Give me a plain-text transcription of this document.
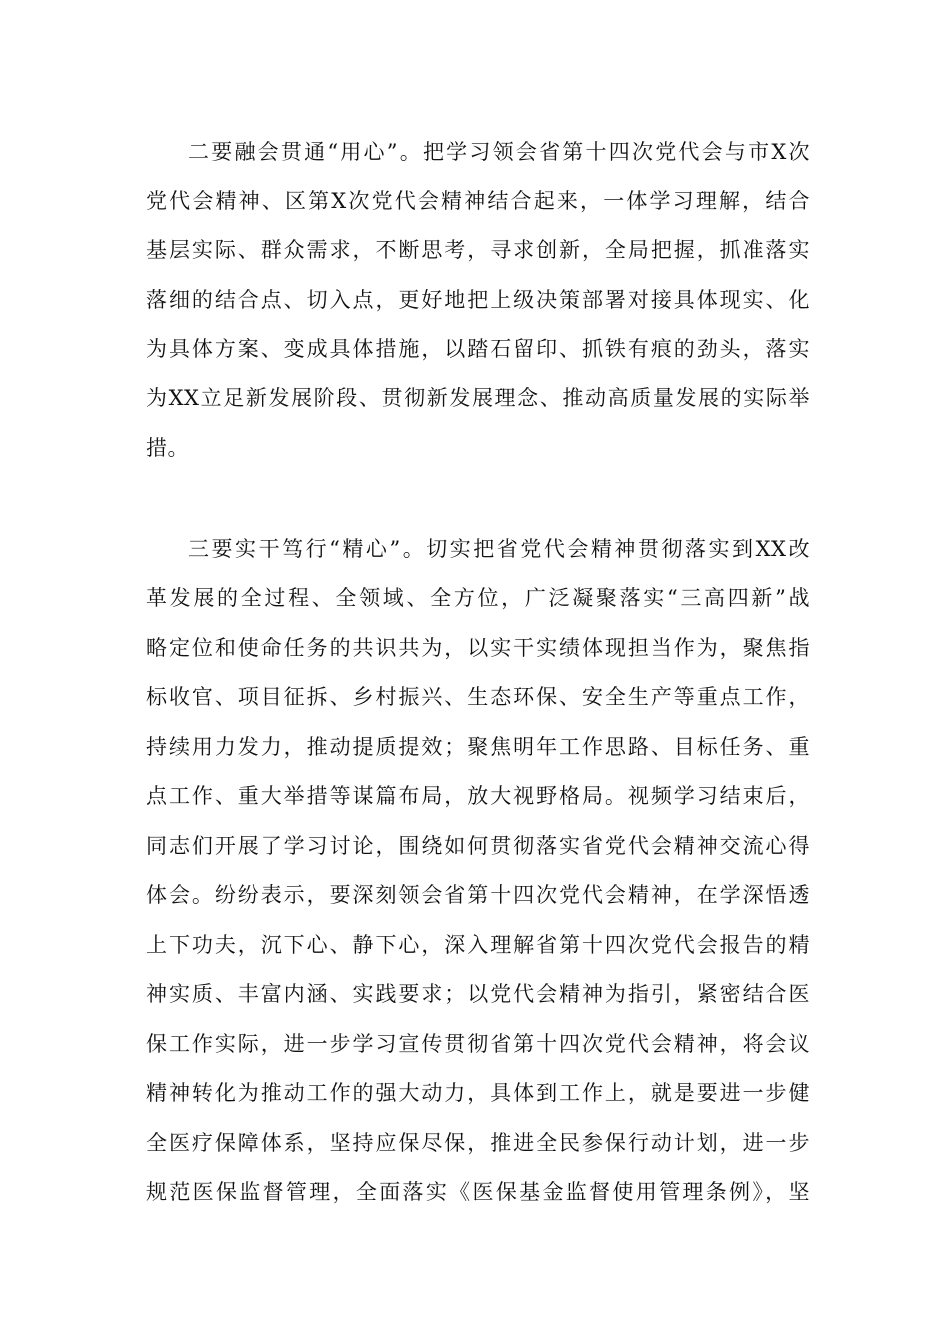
二要融会贯通“用心”。把学习领会省第十四次党代会与市X次
党代会精神、区第X次党代会精神结合起来，一体学习理解，结合
基层实际、群众需求，不断思考，寻求创新，全局把握，抓准落实
落细的结合点、切入点，更好地把上级决策部署对接具体现实、化
为具体方案、变成具体措施，以踏石留印、抓铁有痕的劲头，落实
为XX立足新发展阶段、贯彻新发展理念、推动高质量发展的实际举
措。
三要实干笃行“精心”。切实把省党代会精神贯彻落实到XX改
革发展的全过程、全领域、全方位，广泛凝聚落实“三高四新”战
略定位和使命任务的共识共为，以实干实绩体现担当作为，聚焦指
标收官、项目征拆、乡村振兴、生态环保、安全生产等重点工作，
持续用力发力，推动提质提效；聚焦明年工作思路、目标任务、重
点工作、重大举措等谋篇布局，放大视野格局。视频学习结束后，
同志们开展了学习讨论，围绕如何贯彻落实省党代会精神交流心得
体会。纷纷表示，要深刻领会省第十四次党代会精神，在学深悟透
上下功夫，沉下心、静下心，深入理解省第十四次党代会报告的精
神实质、丰富内涵、实践要求；以党代会精神为指引，紧密结合医
保工作实际，进一步学习宣传贯彻省第十四次党代会精神，将会议
精神转化为推动工作的强大动力，具体到工作上，就是要进一步健
全医疗保障体系，坚持应保尽保，推进全民参保行动计划，进一步
规范医保监督管理，全面落实《医保基金监督使用管理条例》，坚
